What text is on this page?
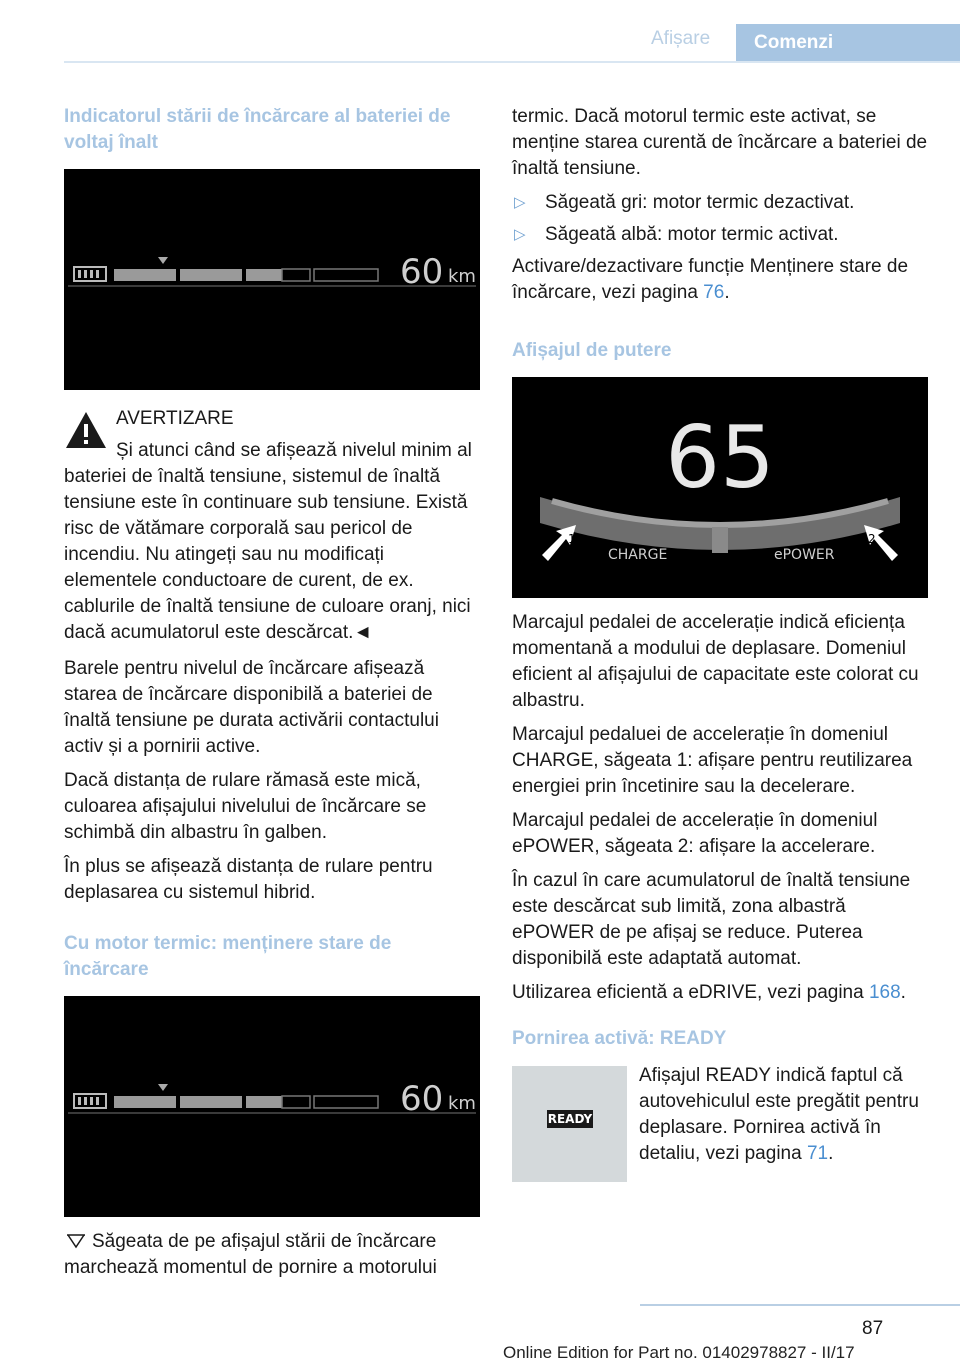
Afișare	Comenzi
Indicatorul stării de încărcare al bateriei de voltaj înalt
60 km
AVERTIZARE

Și atunci când se afișează nivelul minim al bateriei de înaltă tensiune, sistemul de înaltă tensiune este în continuare sub tensiune. Există risc de vătămare corporală sau pericol de incendiu. Nu atingeți sau nu modificați elementele conductoare de curent, de ex. cablurile de înaltă tensiune de culoare oranj, nici dacă acumulatorul este descărcat.◄

Barele pentru nivelul de încărcare afișează starea de încărcare disponibilă a bateriei de înaltă tensiune pe durata activării contactului activ și a pornirii active.

Dacă distanța de rulare rămasă este mică, culoarea afișajului nivelului de încărcare se schimbă din albastru în galben.

În plus se afișează distanța de rulare pentru deplasarea cu sistemul hibrid.

Cu motor termic: menținere stare de încărcare
60 km

Săgeata de pe afișajul stării de încărcare marchează momentul de pornire a motorului

termic. Dacă motorul termic este activat, se menține starea curentă de încărcare a bateriei de înaltă tensiune.

▷ Săgeată gri: motor termic dezactivat.
▷ Săgeată albă: motor termic activat.

Activare/dezactivare funcție Menținere stare de încărcare, vezi pagina 76.

Afișajul de putere
65
1	2
CHARGE	ePOWER

Marcajul pedalei de accelerație indică eficiența momentană a modului de deplasare. Domeniul eficient al afișajului de capacitate este colorat cu albastru.

Marcajul pedaluei de accelerație în domeniul CHARGE, săgeata 1: afișare pentru reutilizarea energiei prin încetinire sau la decelerare.

Marcajul pedalei de accelerație în domeniul ePOWER, săgeata 2: afișare la accelerare.

În cazul în care acumulatorul de înaltă tensiune este descărcat sub limită, zona albastră ePOWER de pe afișaj se reduce. Puterea disponibilă este adaptată automat.

Utilizarea eficientă a eDRIVE, vezi pagina 168.

Pornirea activă: READY
READY

Afișajul READY indică faptul că autovehiculul este pregătit pentru deplasare. Pornirea activă în detaliu, vezi pagina 71.

87
Online Edition for Part no. 01402978827 - II/17
